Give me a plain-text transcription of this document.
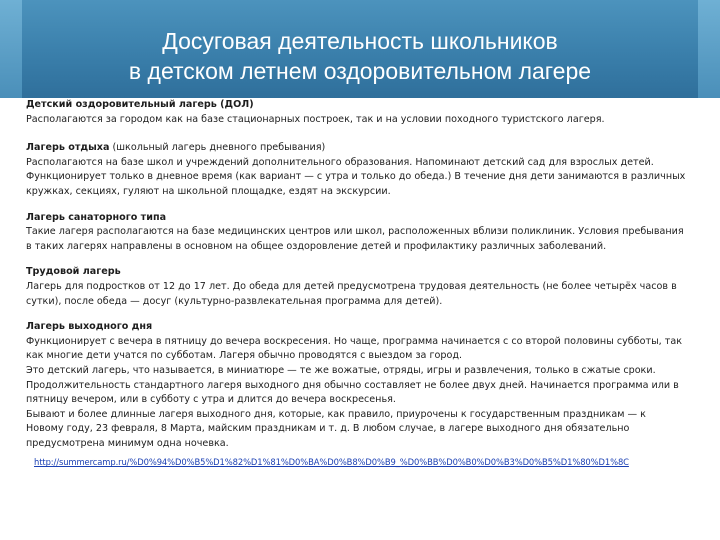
Досуговая деятельность школьников
в детском летнем оздоровительном лагере

Детский оздоровительный лагерь (ДОЛ)

Располагаются за городом как на базе стационарных построек, так и на условии походного туристского лагеря.

Лагерь отдыха (школьный лагерь дневного пребывания)

Располагаются на базе школ и учреждений дополнительного образования. Напоминают детский сад для взрослых детей. Функционирует только в дневное время (как вариант — с утра и только до обеда.) В течение дня дети занимаются в различных кружках, секциях, гуляют на школьной площадке, ездят на экскурсии.

Лагерь санаторного типа

Такие лагеря располагаются на базе медицинских центров или школ, расположенных вблизи поликлиник. Условия пребывания в таких лагерях направлены в основном на общее оздоровление детей и профилактику различных заболеваний.

Трудовой лагерь

Лагерь для подростков от 12 до 17 лет. До обеда для детей предусмотрена трудовая деятельность (не более четырёх часов в сутки), после обеда — досуг (культурно-развлекательная программа для детей).

Лагерь выходного дня

Функционирует с вечера в пятницу до вечера воскресения. Но чаще, программа начинается с со второй половины субботы, так как многие дети учатся по субботам. Лагеря обычно проводятся с выездом за город.

Это детский лагерь, что называется, в миниатюре — те же вожатые, отряды, игры и развлечения, только в сжатые сроки.

Продолжительность стандартного лагеря выходного дня обычно составляет не более двух дней. Начинается программа или в пятницу вечером, или в субботу с утра и длится до вечера воскресенья.

Бывают и более длинные лагеря выходного дня, которые, как правило, приурочены к государственным праздникам — к Новому году, 23 февраля, 8 Марта, майским праздникам и т. д. В любом случае, в лагере выходного дня обязательно предусмотрена минимум одна ночевка.

http://summercamp.ru/%D0%94%D0%B5%D1%82%D1%81%D0%BA%D0%B8%D0%B9_%D0%BB%D0%B0%D0%B3%D0%B5%D1%80%D1%8C
